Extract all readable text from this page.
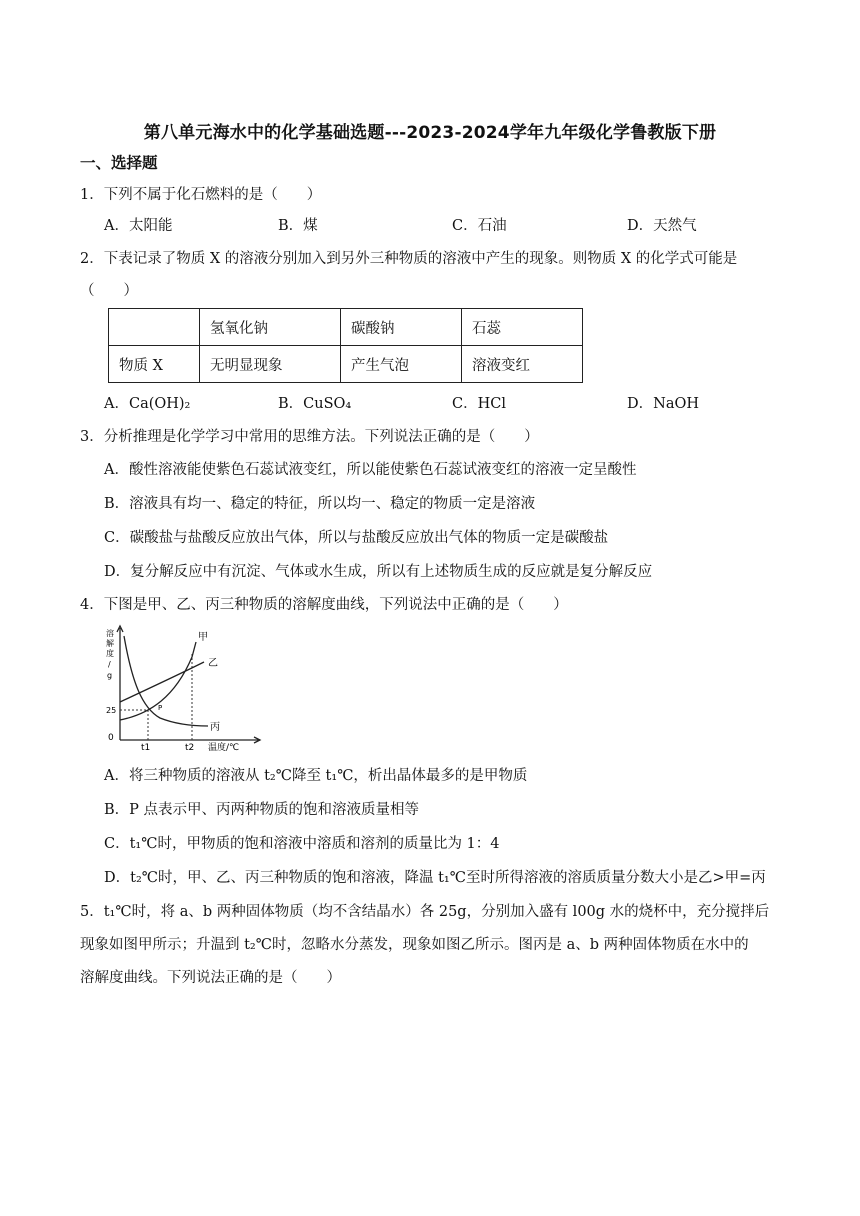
第八单元海水中的化学基础选题---2023-2024学年九年级化学鲁教版下册
一、选择题
1．下列不属于化石燃料的是（　　）
A．太阳能	B．煤	C．石油	D．天然气
2．下表记录了物质 X 的溶液分别加入到另外三种物质的溶液中产生的现象。则物质 X 的化学式可能是
（　　）
	氢氧化钠	碳酸钠	石蕊
物质 X	无明显现象	产生气泡	溶液变红
A．Ca(OH)₂	B．CuSO₄	C．HCl	D．NaOH
3．分析推理是化学学习中常用的思维方法。下列说法正确的是（　　）
A．酸性溶液能使紫色石蕊试液变红，所以能使紫色石蕊试液变红的溶液一定呈酸性
B．溶液具有均一、稳定的特征，所以均一、稳定的物质一定是溶液
C．碳酸盐与盐酸反应放出气体，所以与盐酸反应放出气体的物质一定是碳酸盐
D．复分解反应中有沉淀、气体或水生成，所以有上述物质生成的反应就是复分解反应
4．下图是甲、乙、丙三种物质的溶解度曲线，下列说法中正确的是（　　）
溶
解
度
/
g
甲
乙
丙
P
25
0
t1	t2 温度/℃
A．将三种物质的溶液从 t₂℃降至 t₁℃，析出晶体最多的是甲物质
B．P 点表示甲、丙两种物质的饱和溶液质量相等
C．t₁℃时，甲物质的饱和溶液中溶质和溶剂的质量比为 1：4
D．t₂℃时，甲、乙、丙三种物质的饱和溶液，降温 t₁℃至时所得溶液的溶质质量分数大小是乙>甲=丙
5．t₁℃时，将 a、b 两种固体物质（均不含结晶水）各 25g，分别加入盛有 l00g 水的烧杯中，充分搅拌后
现象如图甲所示；升温到 t₂℃时，忽略水分蒸发，现象如图乙所示。图丙是 a、b 两种固体物质在水中的
溶解度曲线。下列说法正确的是（　　）
